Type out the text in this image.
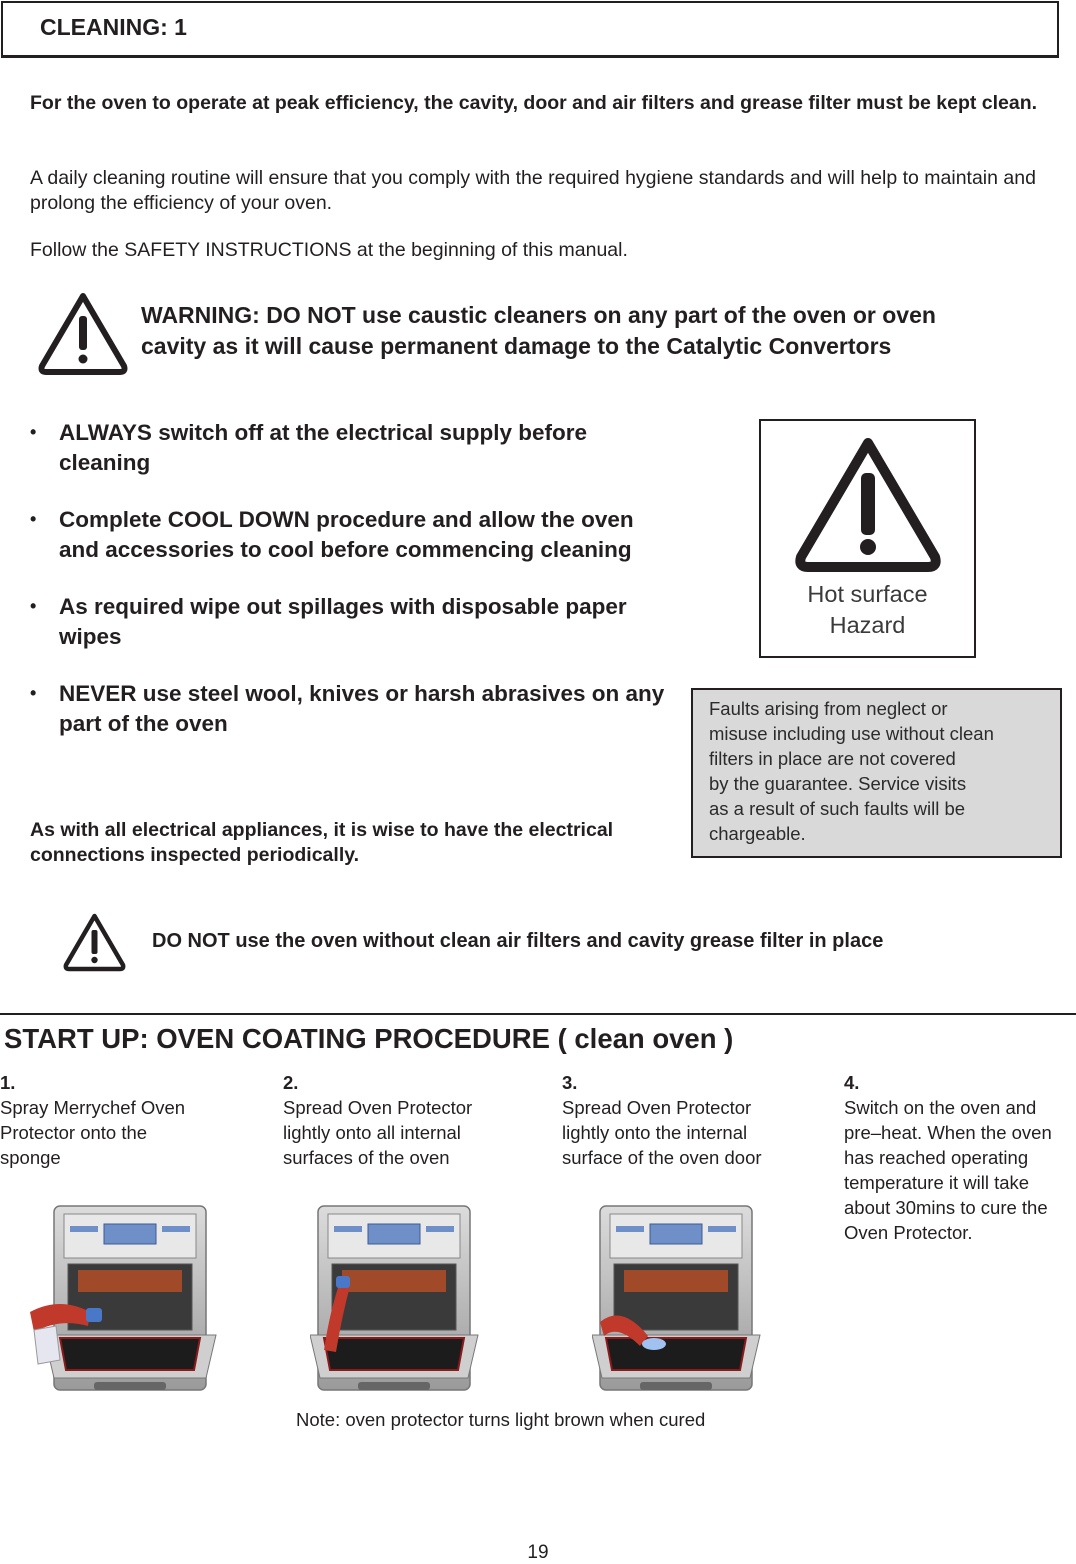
CLEANING: 1
For the oven to operate at peak efficiency, the cavity, door and air filters and grease filter must be kept clean.
A daily cleaning routine will ensure that you comply with the required hygiene standards and will help to maintain and prolong the efficiency of your oven.
Follow the SAFETY INSTRUCTIONS at the beginning of this manual.
WARNING: DO NOT use caustic cleaners on any part of the oven or oven
cavity as it will cause permanent damage to the Catalytic Convertors
• ALWAYS switch off at the electrical supply before cleaning
• Complete COOL DOWN procedure and allow the oven and accessories to cool before commencing cleaning
• As required wipe out spillages with disposable paper wipes
• NEVER use steel wool, knives or harsh abrasives on any part of the oven
As with all electrical appliances, it is wise to have the electrical connections inspected periodically.
Hot surface
Hazard
Faults arising from neglect or
misuse including use without clean
filters in place are not covered
by the guarantee. Service visits
as a result of such faults will be
chargeable.
DO NOT use the oven without clean air filters and cavity grease filter in place
START UP: OVEN COATING PROCEDURE ( clean oven )
1.
Spray Merrychef Oven
Protector onto the
sponge
2.
Spread Oven Protector
lightly onto all internal
surfaces of the oven
3.
Spread Oven Protector
lightly onto the internal
surface of the oven door
4.
Switch on the oven and
pre–heat. When the oven
has reached operating
temperature it will take
about 30mins to cure the
Oven Protector.
Note: oven protector turns light brown when cured
19
